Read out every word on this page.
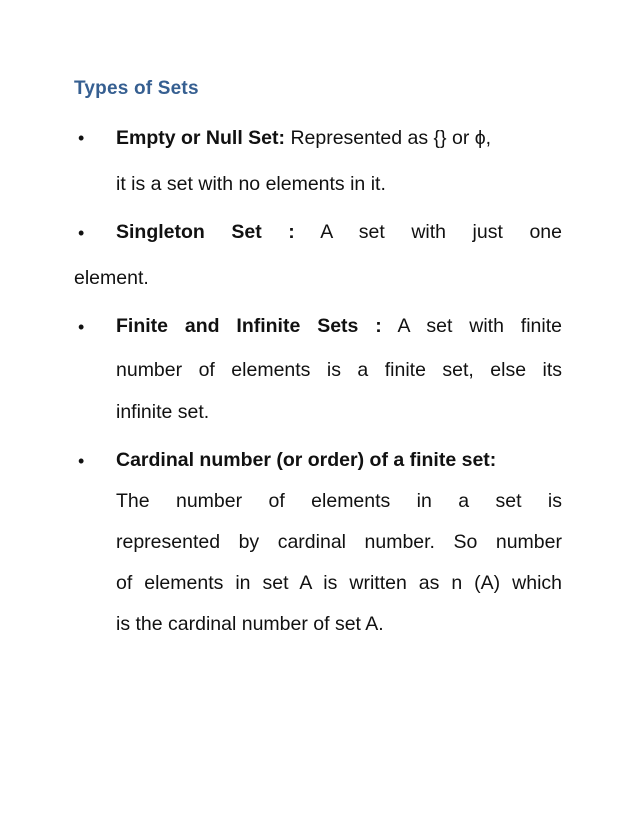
Types of Sets
• Empty or Null Set: Represented as {} or ϕ,
it is a set with no elements in it.
• Singleton Set : A set with just one
element.
• Finite and Infinite Sets : A set with finite
number of elements is a finite set, else its
infinite set.
• Cardinal number (or order) of a finite set:
The number of elements in a set is
represented by cardinal number. So number
of elements in set A is written as n (A) which
is the cardinal number of set A.
